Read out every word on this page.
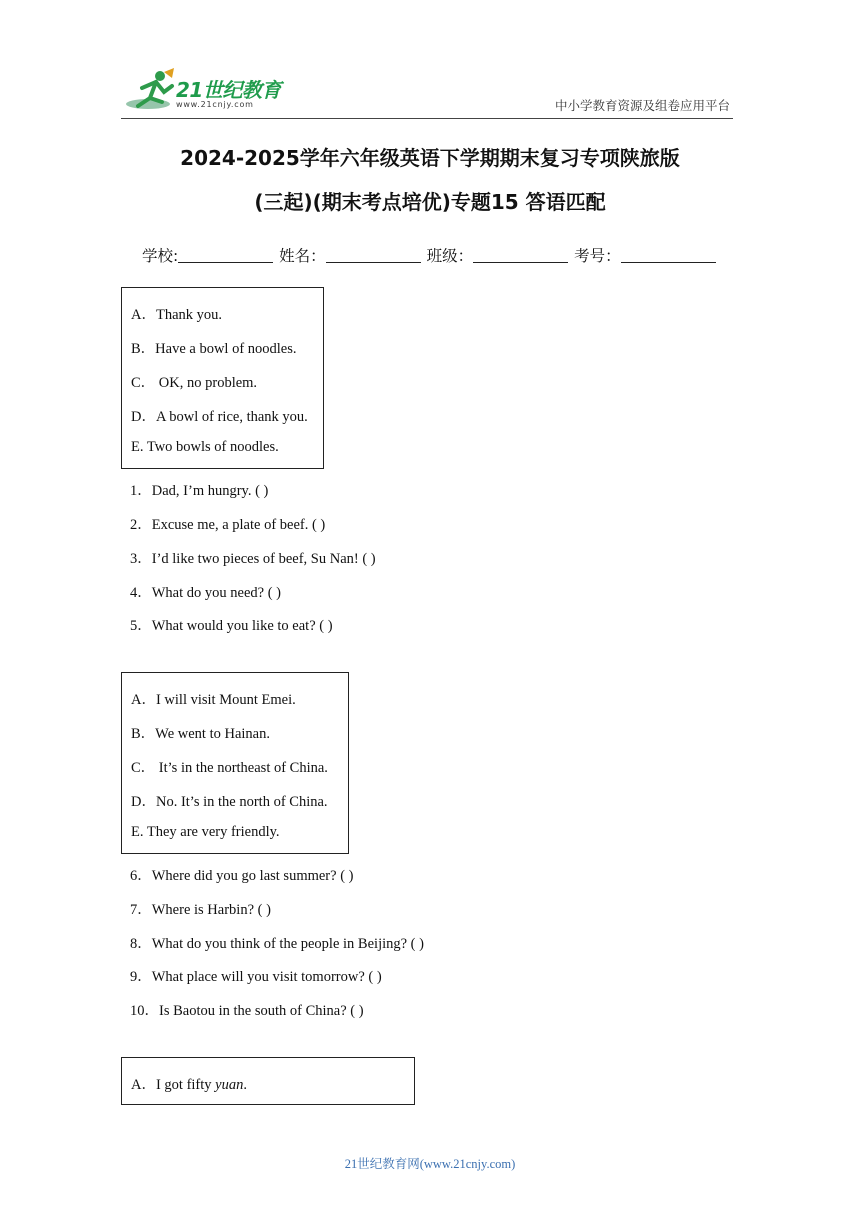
21世纪教育
www.21cnjy.com	中小学教育资源及组卷应用平台
2024-2025学年六年级英语下学期期末复习专项陕旅版
(三起)(期末考点培优)专题15 答语匹配
学校:	姓名：	班级：	考号：
A．Thank you.
B．Have a bowl of noodles.
C． OK, no problem.
D．A bowl of rice, thank you.
E. Two bowls of noodles.
1．Dad, I’m hungry. ( )
2．Excuse me, a plate of beef. ( )
3．I’d like two pieces of beef, Su Nan! ( )
4．What do you need? ( )
5．What would you like to eat? ( )
A．I will visit Mount Emei.
B．We went to Hainan.
C． It’s in the northeast of China.
D．No. It’s in the north of China.
E. They are very friendly.
6．Where did you go last summer? ( )
7．Where is Harbin? ( )
8．What do you think of the people in Beijing? ( )
9．What place will you visit tomorrow? ( )
10．Is Baotou in the south of China? ( )
A．I got fifty yuan.
21世纪教育网(www.21cnjy.com)
